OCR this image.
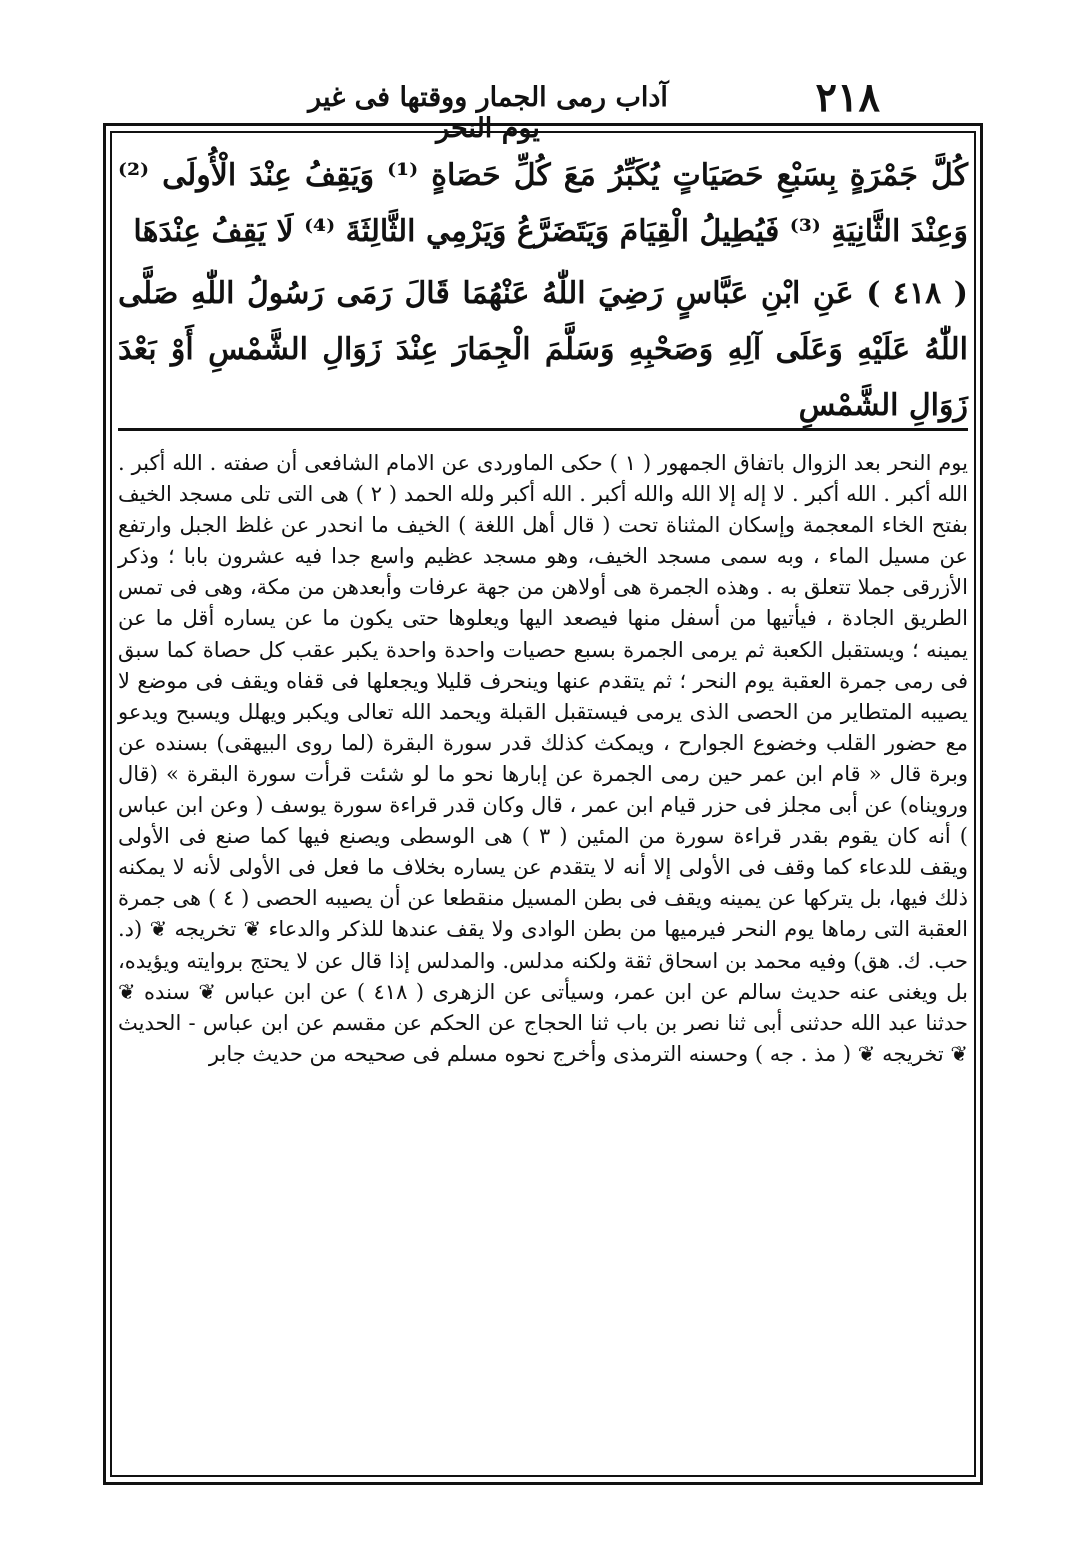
٢١٨
آداب رمى الجمار ووقتها فى غير يوم النحر

كُلَّ جَمْرَةٍ بِسَبْعِ حَصَيَاتٍ يُكَبِّرُ مَعَ كُلِّ حَصَاةٍ ⁽¹⁾ وَيَقِفُ عِنْدَ الْأُولَى ⁽²⁾ وَعِنْدَ الثَّانِيَةِ ⁽³⁾ فَيُطِيلُ الْقِيَامَ وَيَتَضَرَّعُ وَيَرْمِي الثَّالِثَةَ ⁽⁴⁾ لَا يَقِفُ عِنْدَهَا

( ٤١٨ ) عَنِ ابْنِ عَبَّاسٍ رَضِيَ اللّٰهُ عَنْهُمَا قَالَ رَمَى رَسُولُ اللّٰهِ صَلَّى اللّٰهُ عَلَيْهِ وَعَلَى آلِهِ وَصَحْبِهِ وَسَلَّمَ الْجِمَارَ عِنْدَ زَوَالِ الشَّمْسِ أَوْ بَعْدَ زَوَالِ الشَّمْسِ

يوم النحر بعد الزوال باتفاق الجمهور ( ١ ) حكى الماوردى عن الامام الشافعى أن صفته . الله أكبر . الله أكبر . الله أكبر . لا إله إلا الله والله أكبر . الله أكبر ولله الحمد ( ٢ ) هى التى تلى مسجد الخيف بفتح الخاء المعجمة وإسكان المثناة تحت ( قال أهل اللغة ) الخيف ما انحدر عن غلظ الجبل وارتفع عن مسيل الماء ، وبه سمى مسجد الخيف، وهو مسجد عظيم واسع جدا فيه عشرون بابا ؛ وذكر الأزرقى جملا تتعلق به . وهذه الجمرة هى أولاهن من جهة عرفات وأبعدهن من مكة، وهى فى تمس الطريق الجادة ، فيأتيها من أسفل منها فيصعد اليها ويعلوها حتى يكون ما عن يساره أقل ما عن يمينه ؛ ويستقبل الكعبة ثم يرمى الجمرة بسبع حصيات واحدة واحدة يكبر عقب كل حصاة كما سبق فى رمى جمرة العقبة يوم النحر ؛ ثم يتقدم عنها وينحرف قليلا ويجعلها فى قفاه ويقف فى موضع لا يصيبه المتطاير من الحصى الذى يرمى فيستقبل القبلة ويحمد الله تعالى ويكبر ويهلل ويسبح ويدعو مع حضور القلب وخضوع الجوارح ، ويمكث كذلك قدر سورة البقرة (لما روى البيهقى) بسنده عن وبرة قال « قام ابن عمر حين رمى الجمرة عن إبارها نحو ما لو شئت قرأت سورة البقرة » (قال ورويناه) عن أبى مجلز فى حزر قيام ابن عمر ، قال وكان قدر قراءة سورة يوسف ( وعن ابن عباس ) أنه كان يقوم بقدر قراءة سورة من المئين ( ٣ ) هى الوسطى ويصنع فيها كما صنع فى الأولى ويقف للدعاء كما وقف فى الأولى إلا أنه لا يتقدم عن يساره بخلاف ما فعل فى الأولى لأنه لا يمكنه ذلك فيها، بل يتركها عن يمينه ويقف فى بطن المسيل منقطعا عن أن يصيبه الحصى ( ٤ ) هى جمرة العقبة التى رماها يوم النحر فيرميها من بطن الوادى ولا يقف عندها للذكر والدعاء ❦ تخريجه ❦ (د. حب. ك. هق) وفيه محمد بن اسحاق ثقة ولكنه مدلس. والمدلس إذا قال عن لا يحتج بروايته ويؤيده، بل ويغنى عنه حديث سالم عن ابن عمر، وسيأتى عن الزهرى ( ٤١٨ ) عن ابن عباس ❦ سنده ❦ حدثنا عبد الله حدثنى أبى ثنا نصر بن باب ثنا الحجاج عن الحكم عن مقسم عن ابن عباس - الحديث ❦ تخريجه ❦ ( مذ . جه ) وحسنه الترمذى وأخرج نحوه مسلم فى صحيحه من حديث جابر
